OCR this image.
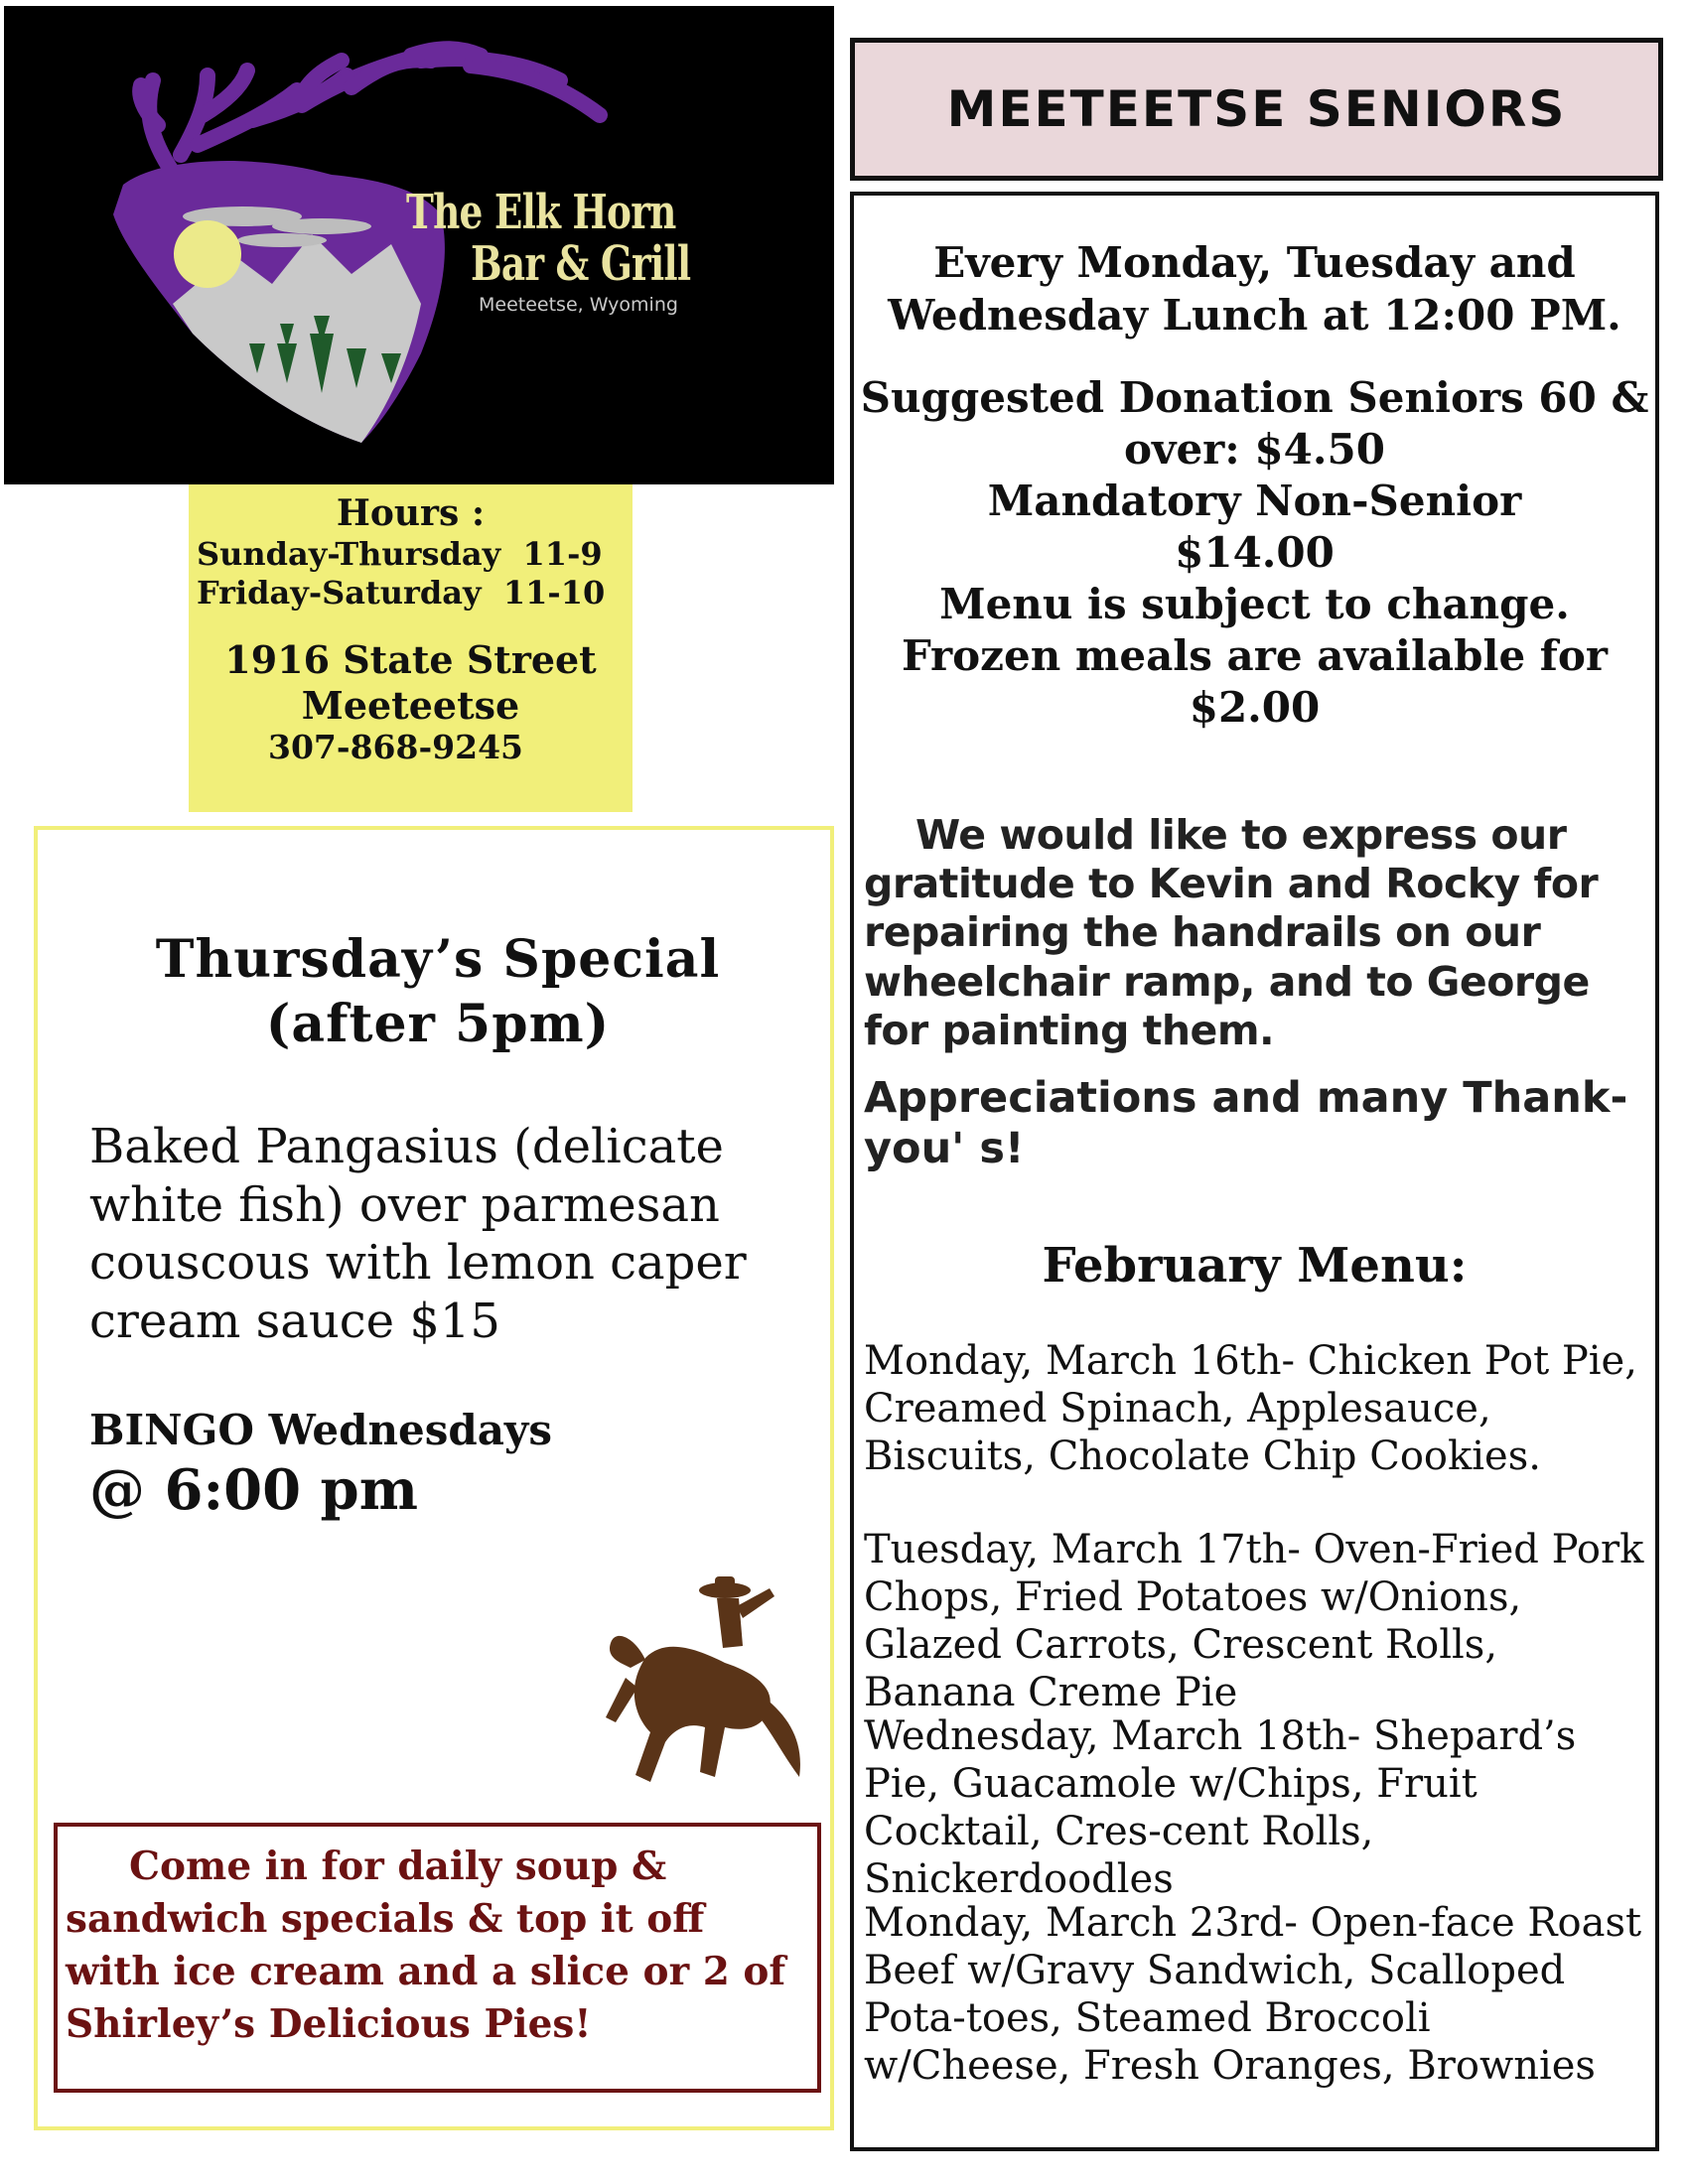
The Elk Horn
Bar & Grill
Meeteetse, Wyoming
Hours :
Sunday-Thursday  11-9
Friday-Saturday  11-10
1916 State Street
Meeteetse
307-868-9245
Thursday’s Special
(after 5pm)
Baked Pangasius (delicate white fish) over parmesan couscous with lemon caper cream sauce $15
BINGO Wednesdays
@ 6:00 pm
Come in for daily soup &
sandwich specials & top it off with ice cream and a slice or 2 of Shirley’s Delicious Pies!
MEETEETSE SENIORS
Every Monday, Tuesday and
Wednesday Lunch at 12:00 PM.
Suggested Donation Seniors 60 &
over: $4.50
Mandatory Non-Senior
$14.00
Menu is subject to change.
Frozen meals are available for $2.00
We would like to express our
gratitude to Kevin and Rocky for repairing the handrails on our wheelchair ramp, and to George for painting them.
Appreciations and many Thank-you' s!
February Menu:
Monday, March 16th- Chicken Pot Pie, Creamed Spinach, Applesauce, Biscuits, Chocolate Chip Cookies.
Tuesday, March 17th- Oven-Fried Pork Chops, Fried Potatoes w/Onions, Glazed Carrots, Crescent Rolls, Banana Creme Pie
Wednesday, March 18th- Shepard’s Pie, Guacamole w/Chips, Fruit Cocktail, Cres-cent Rolls, Snickerdoodles
Monday, March 23rd- Open-face Roast Beef w/Gravy Sandwich, Scalloped Pota-toes, Steamed Broccoli w/Cheese, Fresh Oranges, Brownies
